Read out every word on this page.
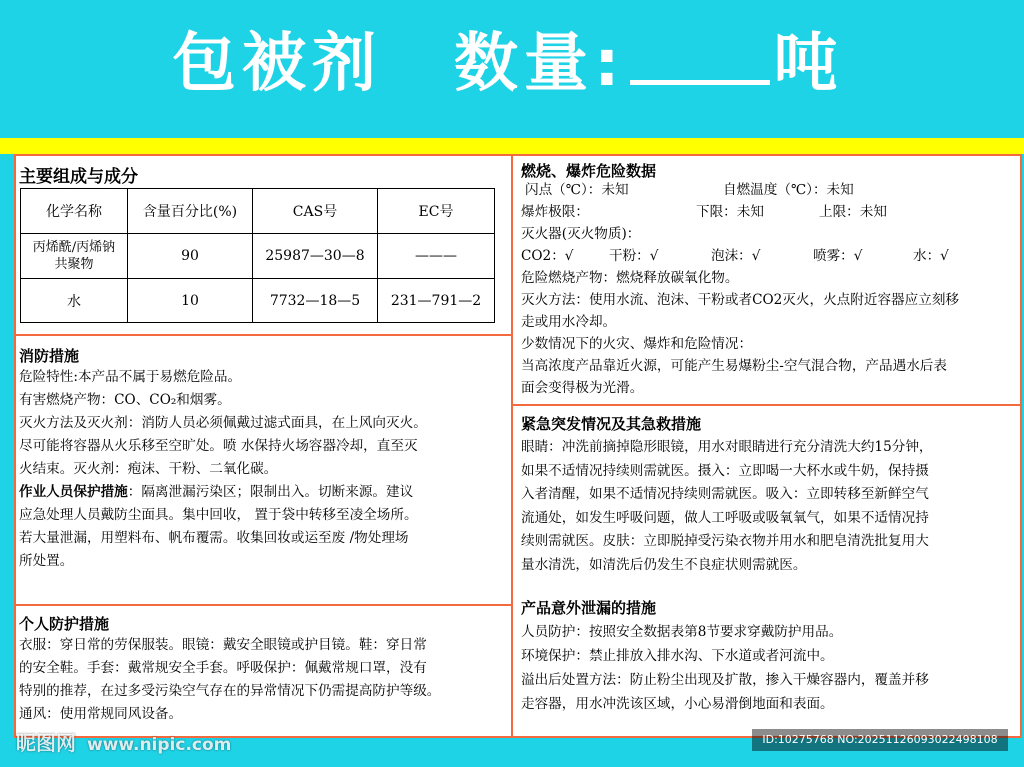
包被剂 数量: 吨
主要组成与成分
化学名称	含量百分比(%)	CAS号	EC号

丙烯酰/丙烯钠
共聚物	90	25987—30—8	———
水	10	7732—18—5	231—791—2
消防措施
危险特性:本产品不属于易燃危险品。
有害燃烧产物：CO、CO₂和烟雾。
灭火方法及灭火剂：消防人员必须佩戴过滤式面具，在上风向灭火。
尽可能将容器从火乐移至空旷处。喷 水保持火场容器冷却，直至灭
火结束。灭火剂：疱沫、干粉、二氧化碳。
作业人员保护措施：隔离泄漏污染区；限制出入。切断来源。建议
应急处理人员戴防尘面具。集中回收， 置于袋中转移至凌全场所。
若大量泄漏，用塑料布、帆布覆需。收集回妆或运至废 /物处理场
所处置。
个人防护措施
衣服：穿日常的劳保服装。眼镜：戴安全眼镜或护目镜。鞋：穿日常
的安全鞋。手套：戴常规安全手套。呼吸保护：佩戴常规口罩，没有
特别的推荐，在过多受污染空气存在的异常情况下仍需提高防护等级。
通风：使用常规同风设备。
燃烧、爆炸危险数据
闪点（℃）：未知	自燃温度（℃）：未知
爆炸极限：	下限：未知	上限：未知
灭火器(灭火物质)：
CO2：√	干粉：√	泡沫：√	喷雾：√	水：√
危险燃烧产物：燃烧释放碳氧化物。
灭火方法：使用水流、泡沫、干粉或者CO2灭火，火点附近容器应立刻移
走或用水冷却。
少数情况下的火灾、爆炸和危险情况：
当高浓度产品靠近火源，可能产生易爆粉尘-空气混合物，产品遇水后表
面会变得极为光滑。
紧急突发情况及其急救措施
眼睛：冲洗前摘掉隐形眼镜，用水对眼睛进行充分清洗大约15分钟，
如果不适情况持续则需就医。摄入：立即喝一大杯水或牛奶，保持摄
入者清醒，如果不适情况持续则需就医。吸入：立即转移至新鲜空气
流通处，如发生呼吸问题，做人工呼吸或吸氧氧气，如果不适情况持
续则需就医。皮肤：立即脱掉受污染衣物并用水和肥皂清洗批复用大
量水清洗，如清洗后仍发生不良症状则需就医。
产品意外泄漏的措施
人员防护：按照安全数据表第8节要求穿戴防护用品。
环境保护：禁止排放入排水沟、下水道或者河流中。
溢出后处置方法：防止粉尘出现及扩散，掺入干燥容器内，覆盖并移
走容器，用水冲洗该区域，小心易滑倒地面和表面。
昵图网 www.nipic.com	ID:10275768 NO:20251126093022498108
